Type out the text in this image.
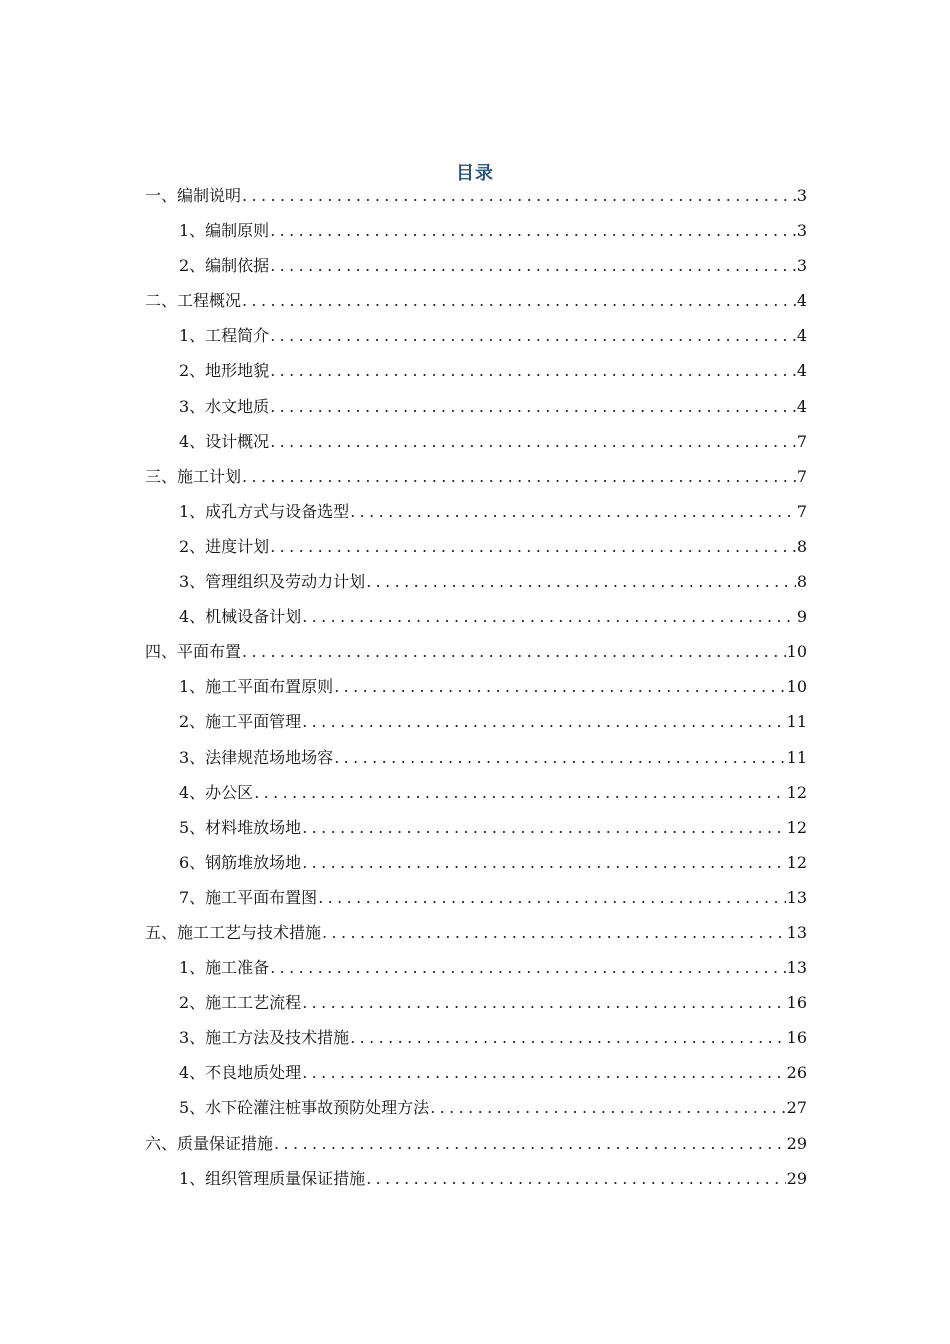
目录
一、编制说明 .....	3
1、编制原则 .....	3
2、编制依据 .....	3
二、工程概况 .....	4
1、工程简介 .....	4
2、地形地貌 .....	4
3、水文地质 .....	4
4、设计概况 .....	7
三、施工计划 .....	7
1、成孔方式与设备选型 .....	7
2、进度计划 .....	8
3、管理组织及劳动力计划 .....	8
4、机械设备计划 .....	9
四、平面布置 .....	10
1、施工平面布置原则 .....	10
2、施工平面管理 .....	11
3、法律规范场地场容 .....	11
4、办公区 .....	12
5、材料堆放场地 .....	12
6、钢筋堆放场地 .....	12
7、施工平面布置图 .....	13
五、施工工艺与技术措施 .....	13
1、施工准备 .....	13
2、施工工艺流程 .....	16
3、施工方法及技术措施 .....	16
4、不良地质处理 .....	26
5、水下砼灌注桩事故预防处理方法 .....	27
六、质量保证措施 .....	29
1、组织管理质量保证措施 .....	29
